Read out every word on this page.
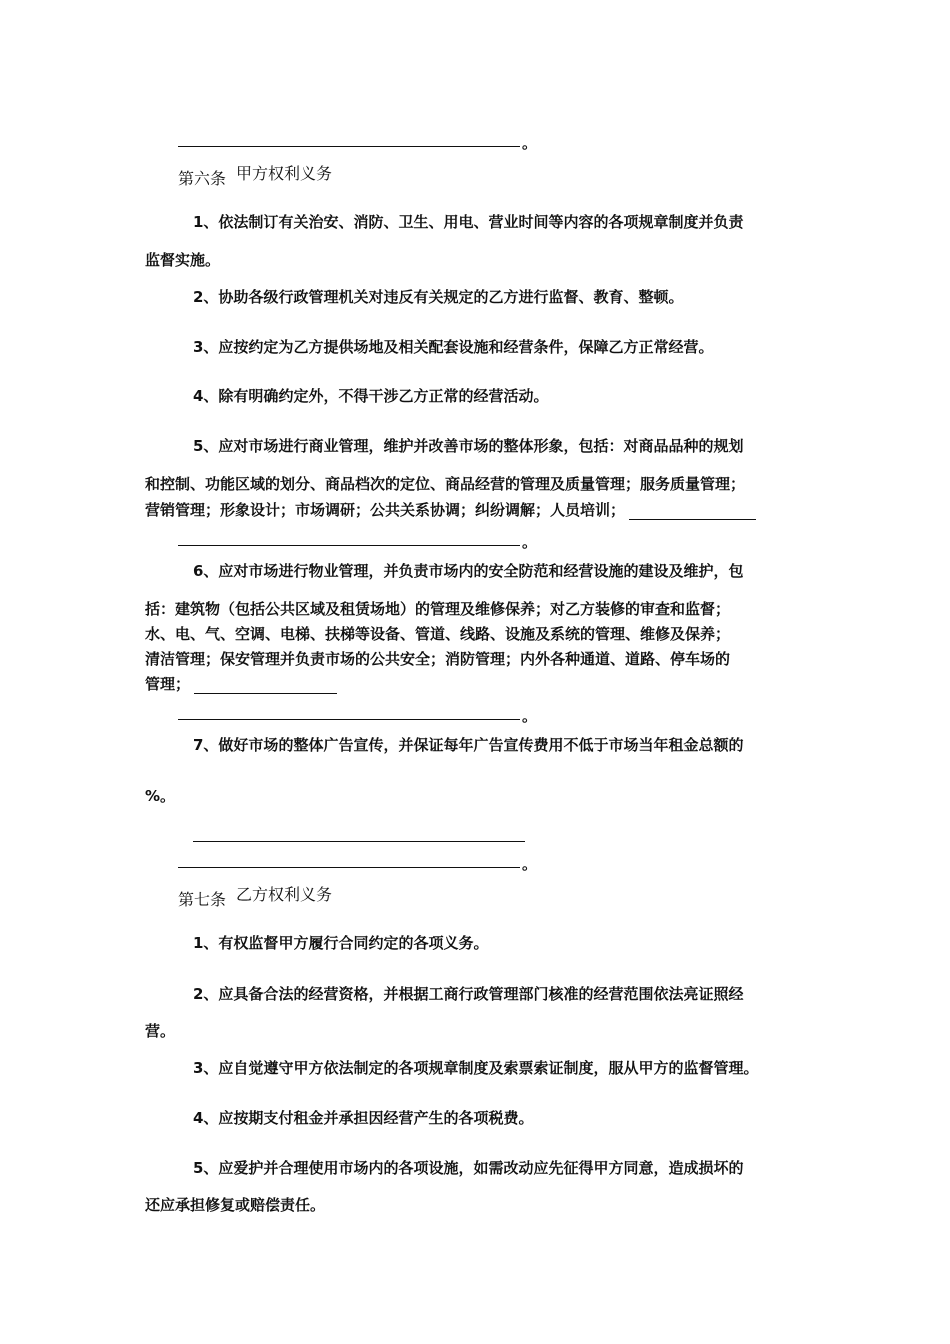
。
第六条 甲方权利义务
1、依法制订有关治安、消防、卫生、用电、营业时间等内容的各项规章制度并负责
监督实施。
2、协助各级行政管理机关对违反有关规定的乙方进行监督、教育、整顿。
3、应按约定为乙方提供场地及相关配套设施和经营条件，保障乙方正常经营。
4、除有明确约定外，不得干涉乙方正常的经营活动。
5、应对市场进行商业管理，维护并改善市场的整体形象，包括：对商品品种的规划
和控制、功能区域的划分、商品档次的定位、商品经营的管理及质量管理；服务质量管理；
营销管理；形象设计；市场调研；公共关系协调；纠纷调解；人员培训；
。
6、应对市场进行物业管理，并负责市场内的安全防范和经营设施的建设及维护，包
括：建筑物（包括公共区域及租赁场地）的管理及维修保养；对乙方装修的审查和监督；
水、电、气、空调、电梯、扶梯等设备、管道、线路、设施及系统的管理、维修及保养；
清洁管理；保安管理并负责市场的公共安全；消防管理；内外各种通道、道路、停车场的
管理；
。
7、做好市场的整体广告宣传，并保证每年广告宣传费用不低于市场当年租金总额的
%。
。
第七条 乙方权利义务
1、有权监督甲方履行合同约定的各项义务。
2、应具备合法的经营资格，并根据工商行政管理部门核准的经营范围依法亮证照经
营。
3、应自觉遵守甲方依法制定的各项规章制度及索票索证制度，服从甲方的监督管理。
4、应按期支付租金并承担因经营产生的各项税费。
5、应爱护并合理使用市场内的各项设施，如需改动应先征得甲方同意，造成损坏的
还应承担修复或赔偿责任。
